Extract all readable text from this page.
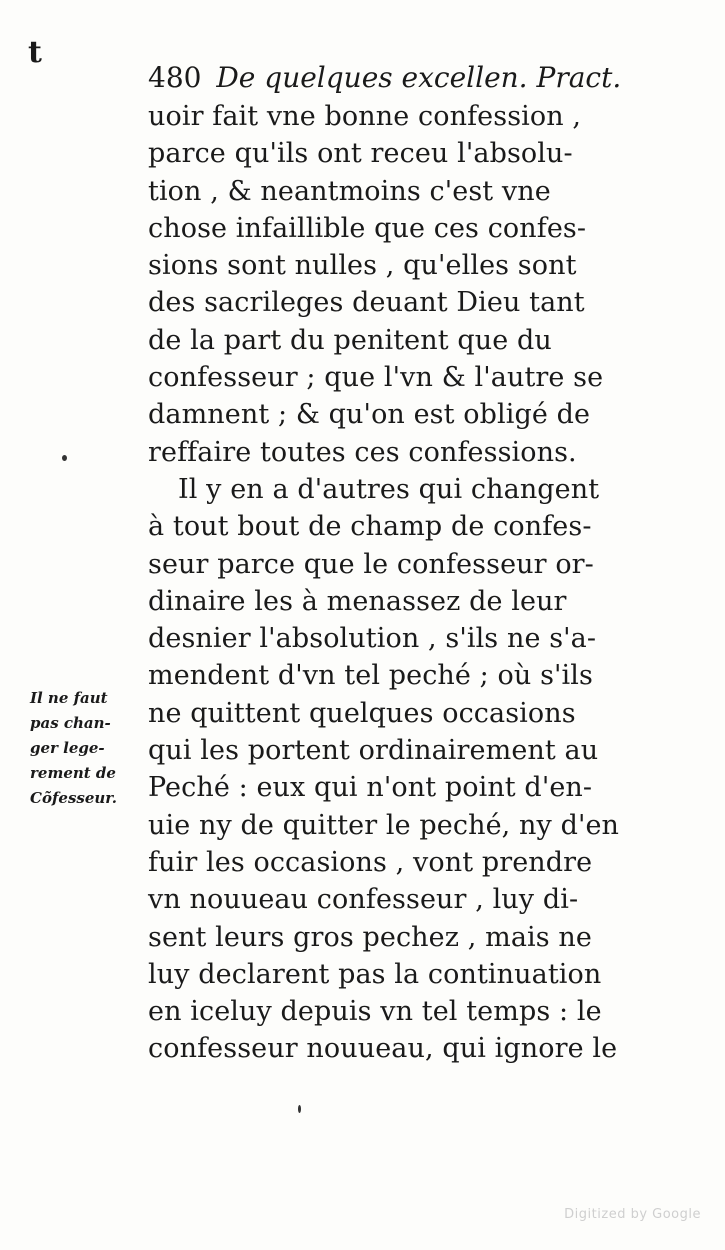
t
480 De quelques excellen. Pract.
uoir fait vne bonne confession ,
parce qu'ils ont receu l'absolu-
tion , & neantmoins c'est vne
chose infaillible que ces confes-
sions sont nulles , qu'elles sont
des sacrileges deuant Dieu tant
de la part du penitent que du
confesseur ; que l'vn & l'autre se
damnent ; & qu'on est obligé de
reffaire toutes ces confessions.
Il y en a d'autres qui changent
à tout bout de champ de confes-
seur parce que le confesseur or-
dinaire les à menassez de leur
desnier l'absolution , s'ils ne s'a-
mendent d'vn tel peché ; où s'ils
ne quittent quelques occasions
qui les portent ordinairement au
Peché : eux qui n'ont point d'en-
uie ny de quitter le peché, ny d'en
fuir les occasions , vont prendre
vn nouueau confesseur , luy di-
sent leurs gros pechez , mais ne
luy declarent pas la continuation
en iceluy depuis vn tel temps : le
confesseur nouueau, qui ignore le
Il ne faut
pas chan-
ger lege-
rement de
Cõfesseur.
Digitized by Google
